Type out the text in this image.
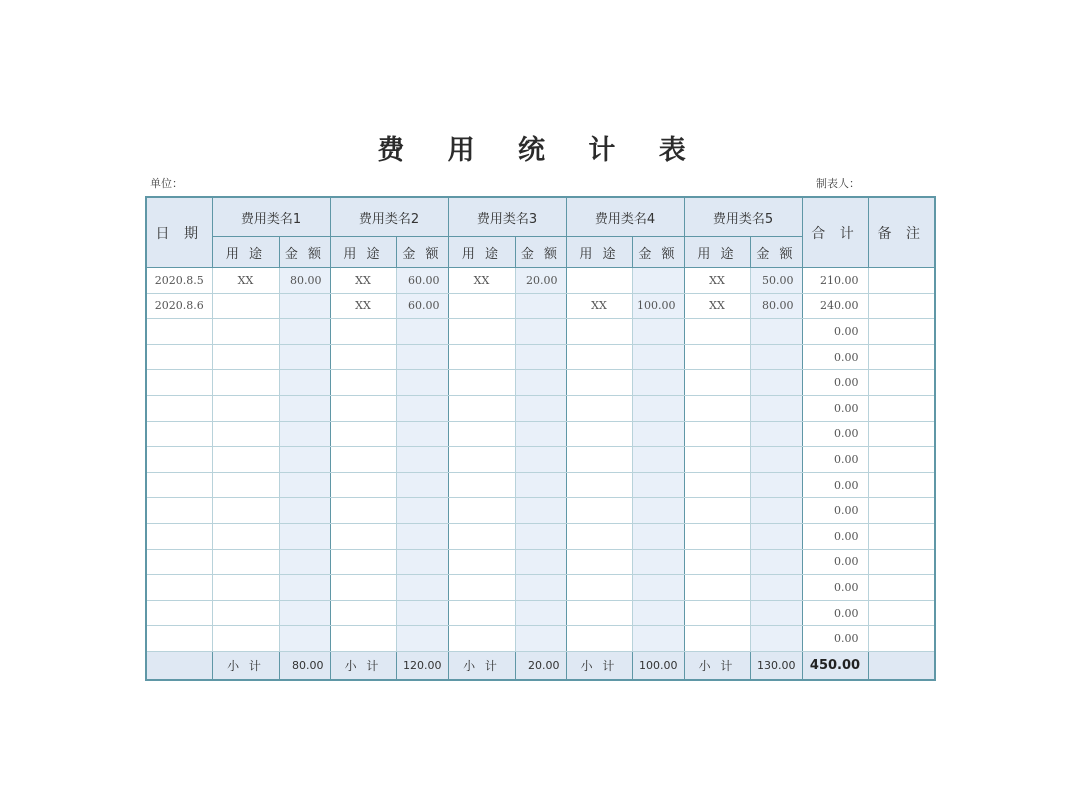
费 用 统 计 表
单位：	制表人：
日 期	费用类名1		费用类名2		费用类名3		费用类名4		费用类名5		合 计	备 注
	用 途	金 额	用 途	金 额	用 途	金 额	用 途	金 额	用 途	金 额		
2020.8.5	XX	80.00	XX	60.00	XX	20.00			XX	50.00	210.00	
2020.8.6			XX	60.00			XX	100.00	XX	80.00	240.00	
											0.00	
											0.00	
											0.00	
											0.00	
											0.00	
											0.00	
											0.00	
											0.00	
											0.00	
											0.00	
											0.00	
											0.00	
											0.00	
	小 计	80.00	小 计	120.00	小 计	20.00	小 计	100.00	小 计	130.00	450.00	
